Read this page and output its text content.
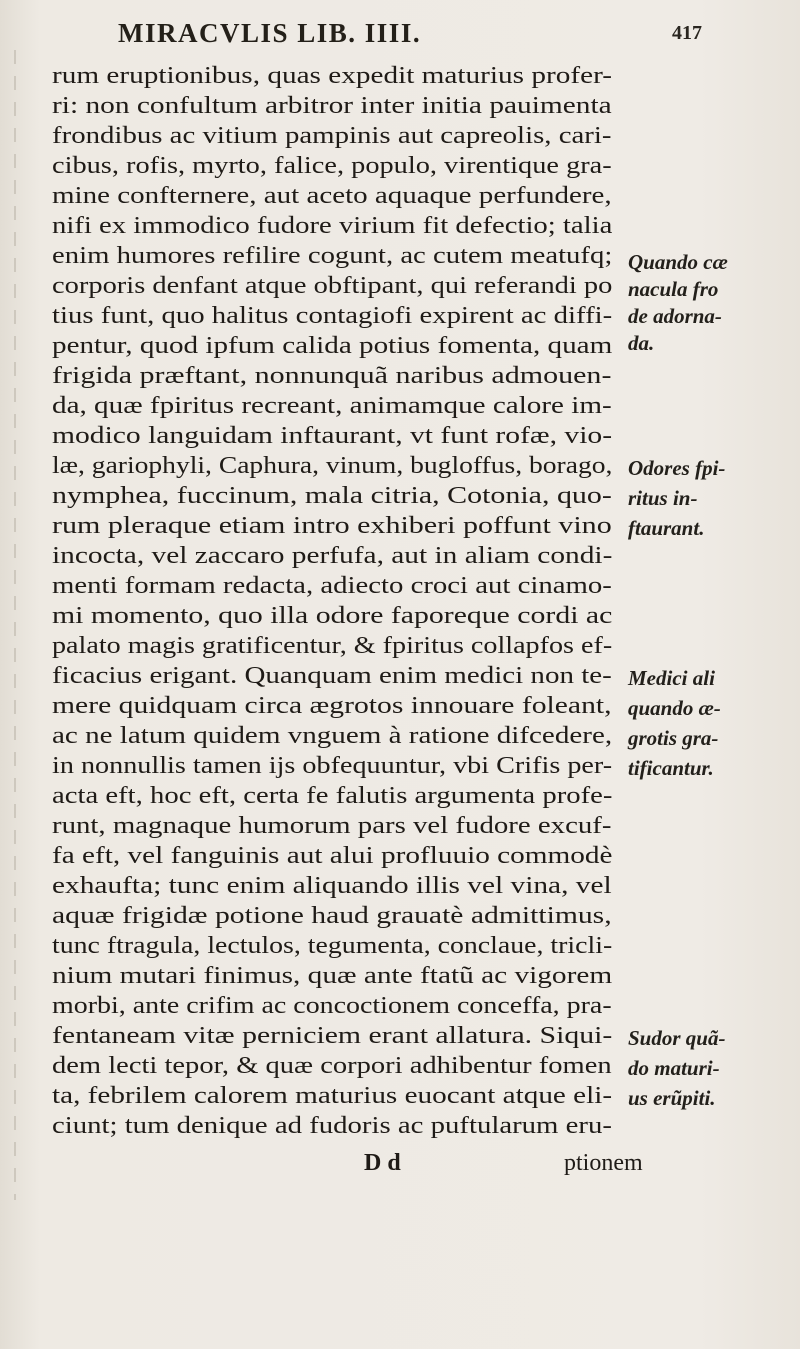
MIRACVLIS LIB. IIII.	417
rum eruptionibus, quas expedit maturius profer-
ri: non confultum arbitror inter initia pauimenta
frondibus ac vitium pampinis aut capreolis, cari-
cibus, rofis, myrto, falice, populo, virentique gra-
mine confternere, aut aceto aquaque perfundere,
nifi ex immodico fudore virium fit defectio; talia
enim humores refilire cogunt, ac cutem meatufq;
corporis denfant atque obftipant, qui referandi po
tius funt, quo halitus contagiofi expirent ac diffi-
pentur, quod ipfum calida potius fomenta, quam
frigida præftant, nonnunquã naribus admouen-
da, quæ fpiritus recreant, animamque calore im-
modico languidam inftaurant, vt funt rofæ, vio-
læ, gariophyli, Caphura, vinum, bugloffus, borago,
nymphea, fuccinum, mala citria, Cotonia, quo-
rum pleraque etiam intro exhiberi poffunt vino
incocta, vel zaccaro perfufa, aut in aliam condi-
menti formam redacta, adiecto croci aut cinamo-
mi momento, quo illa odore faporeque cordi ac
palato magis gratificentur, & fpiritus collapfos ef-
ficacius erigant. Quanquam enim medici non te-
mere quidquam circa ægrotos innouare foleant,
ac ne latum quidem vnguem à ratione difcedere,
in nonnullis tamen ijs obfequuntur, vbi Crifis per-
acta eft, hoc eft, certa fe falutis argumenta profe-
runt, magnaque humorum pars vel fudore excuf-
fa eft, vel fanguinis aut alui profluuio commodè
exhaufta; tunc enim aliquando illis vel vina, vel
aquæ frigidæ potione haud grauatè admittimus,
tunc ftragula, lectulos, tegumenta, conclaue, tricli-
nium mutari finimus, quæ ante ftatũ ac vigorem
morbi, ante crifim ac concoctionem conceffa, pra-
fentaneam vitæ perniciem erant allatura. Siqui-
dem lecti tepor, & quæ corpori adhibentur fomen
ta, febrilem calorem maturius euocant atque eli-
ciunt; tum denique ad fudoris ac puftularum eru-
Quando cæ
nacula fro
de adorna-
da.
Odores fpi-
ritus in-
ftaurant.
Medici ali
quando æ-
grotis gra-
tificantur.
Sudor quã-
do maturi-
us erũpiti.
D d	ptionem
